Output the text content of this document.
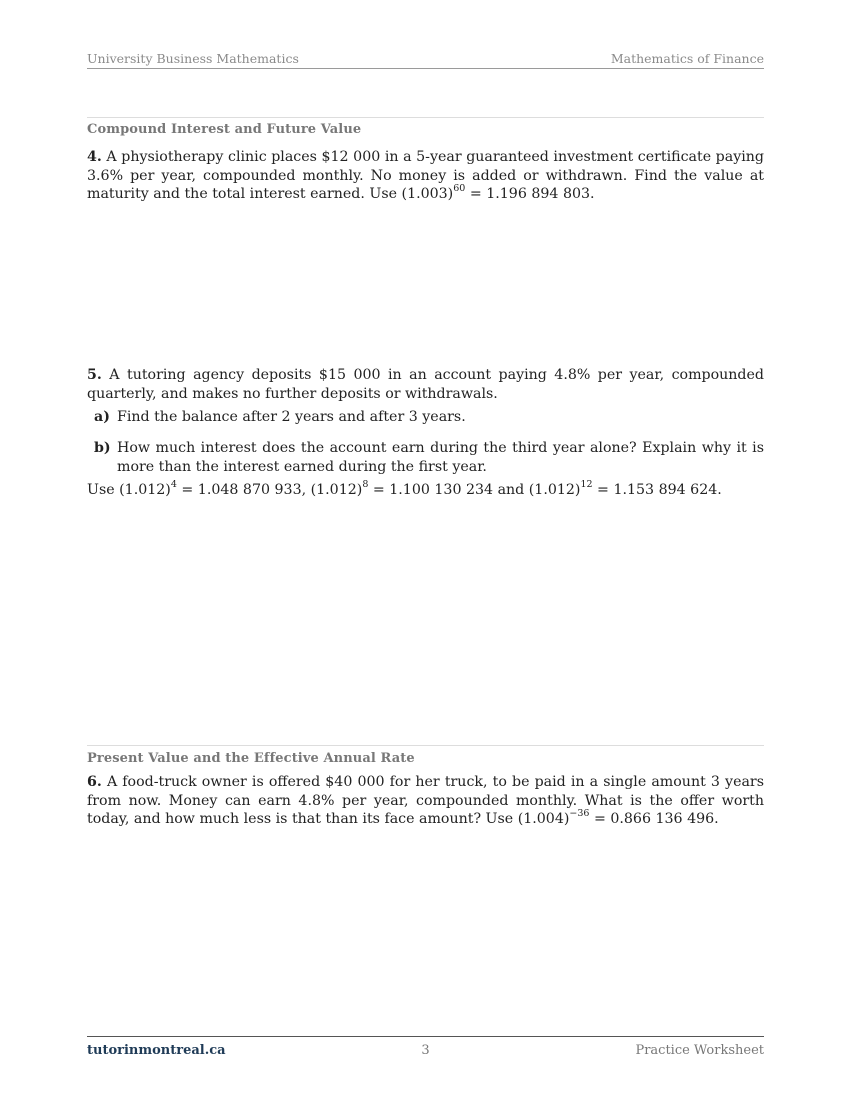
University Business Mathematics	Mathematics of Finance
Compound Interest and Future Value
4. A physiotherapy clinic places $12 000 in a 5-year guaranteed investment certificate paying 3.6% per year, compounded monthly. No money is added or withdrawn. Find the value at maturity and the total interest earned. Use $(1.003)^{60} = 1.196$ 894 803.
5. A tutoring agency deposits $15 000 in an account paying 4.8% per year, compounded quarterly, and makes no further deposits or withdrawals.
a) Find the balance after 2 years and after 3 years.
b) How much interest does the account earn during the third year alone? Explain why it is more than the interest earned during the first year.
Use $(1.012)^4 = 1.048$ 870 933, $(1.012)^8 = 1.100$ 130 234 and $(1.012)^{12} = 1.153$ 894 624.
Present Value and the Effective Annual Rate
6. A food-truck owner is offered $40 000 for her truck, to be paid in a single amount 3 years from now. Money can earn 4.8% per year, compounded monthly. What is the offer worth today, and how much less is that than its face amount? Use $(1.004)^{-36} = 0.866$ 136 496.
tutorinmontreal.ca	3	Practice Worksheet
